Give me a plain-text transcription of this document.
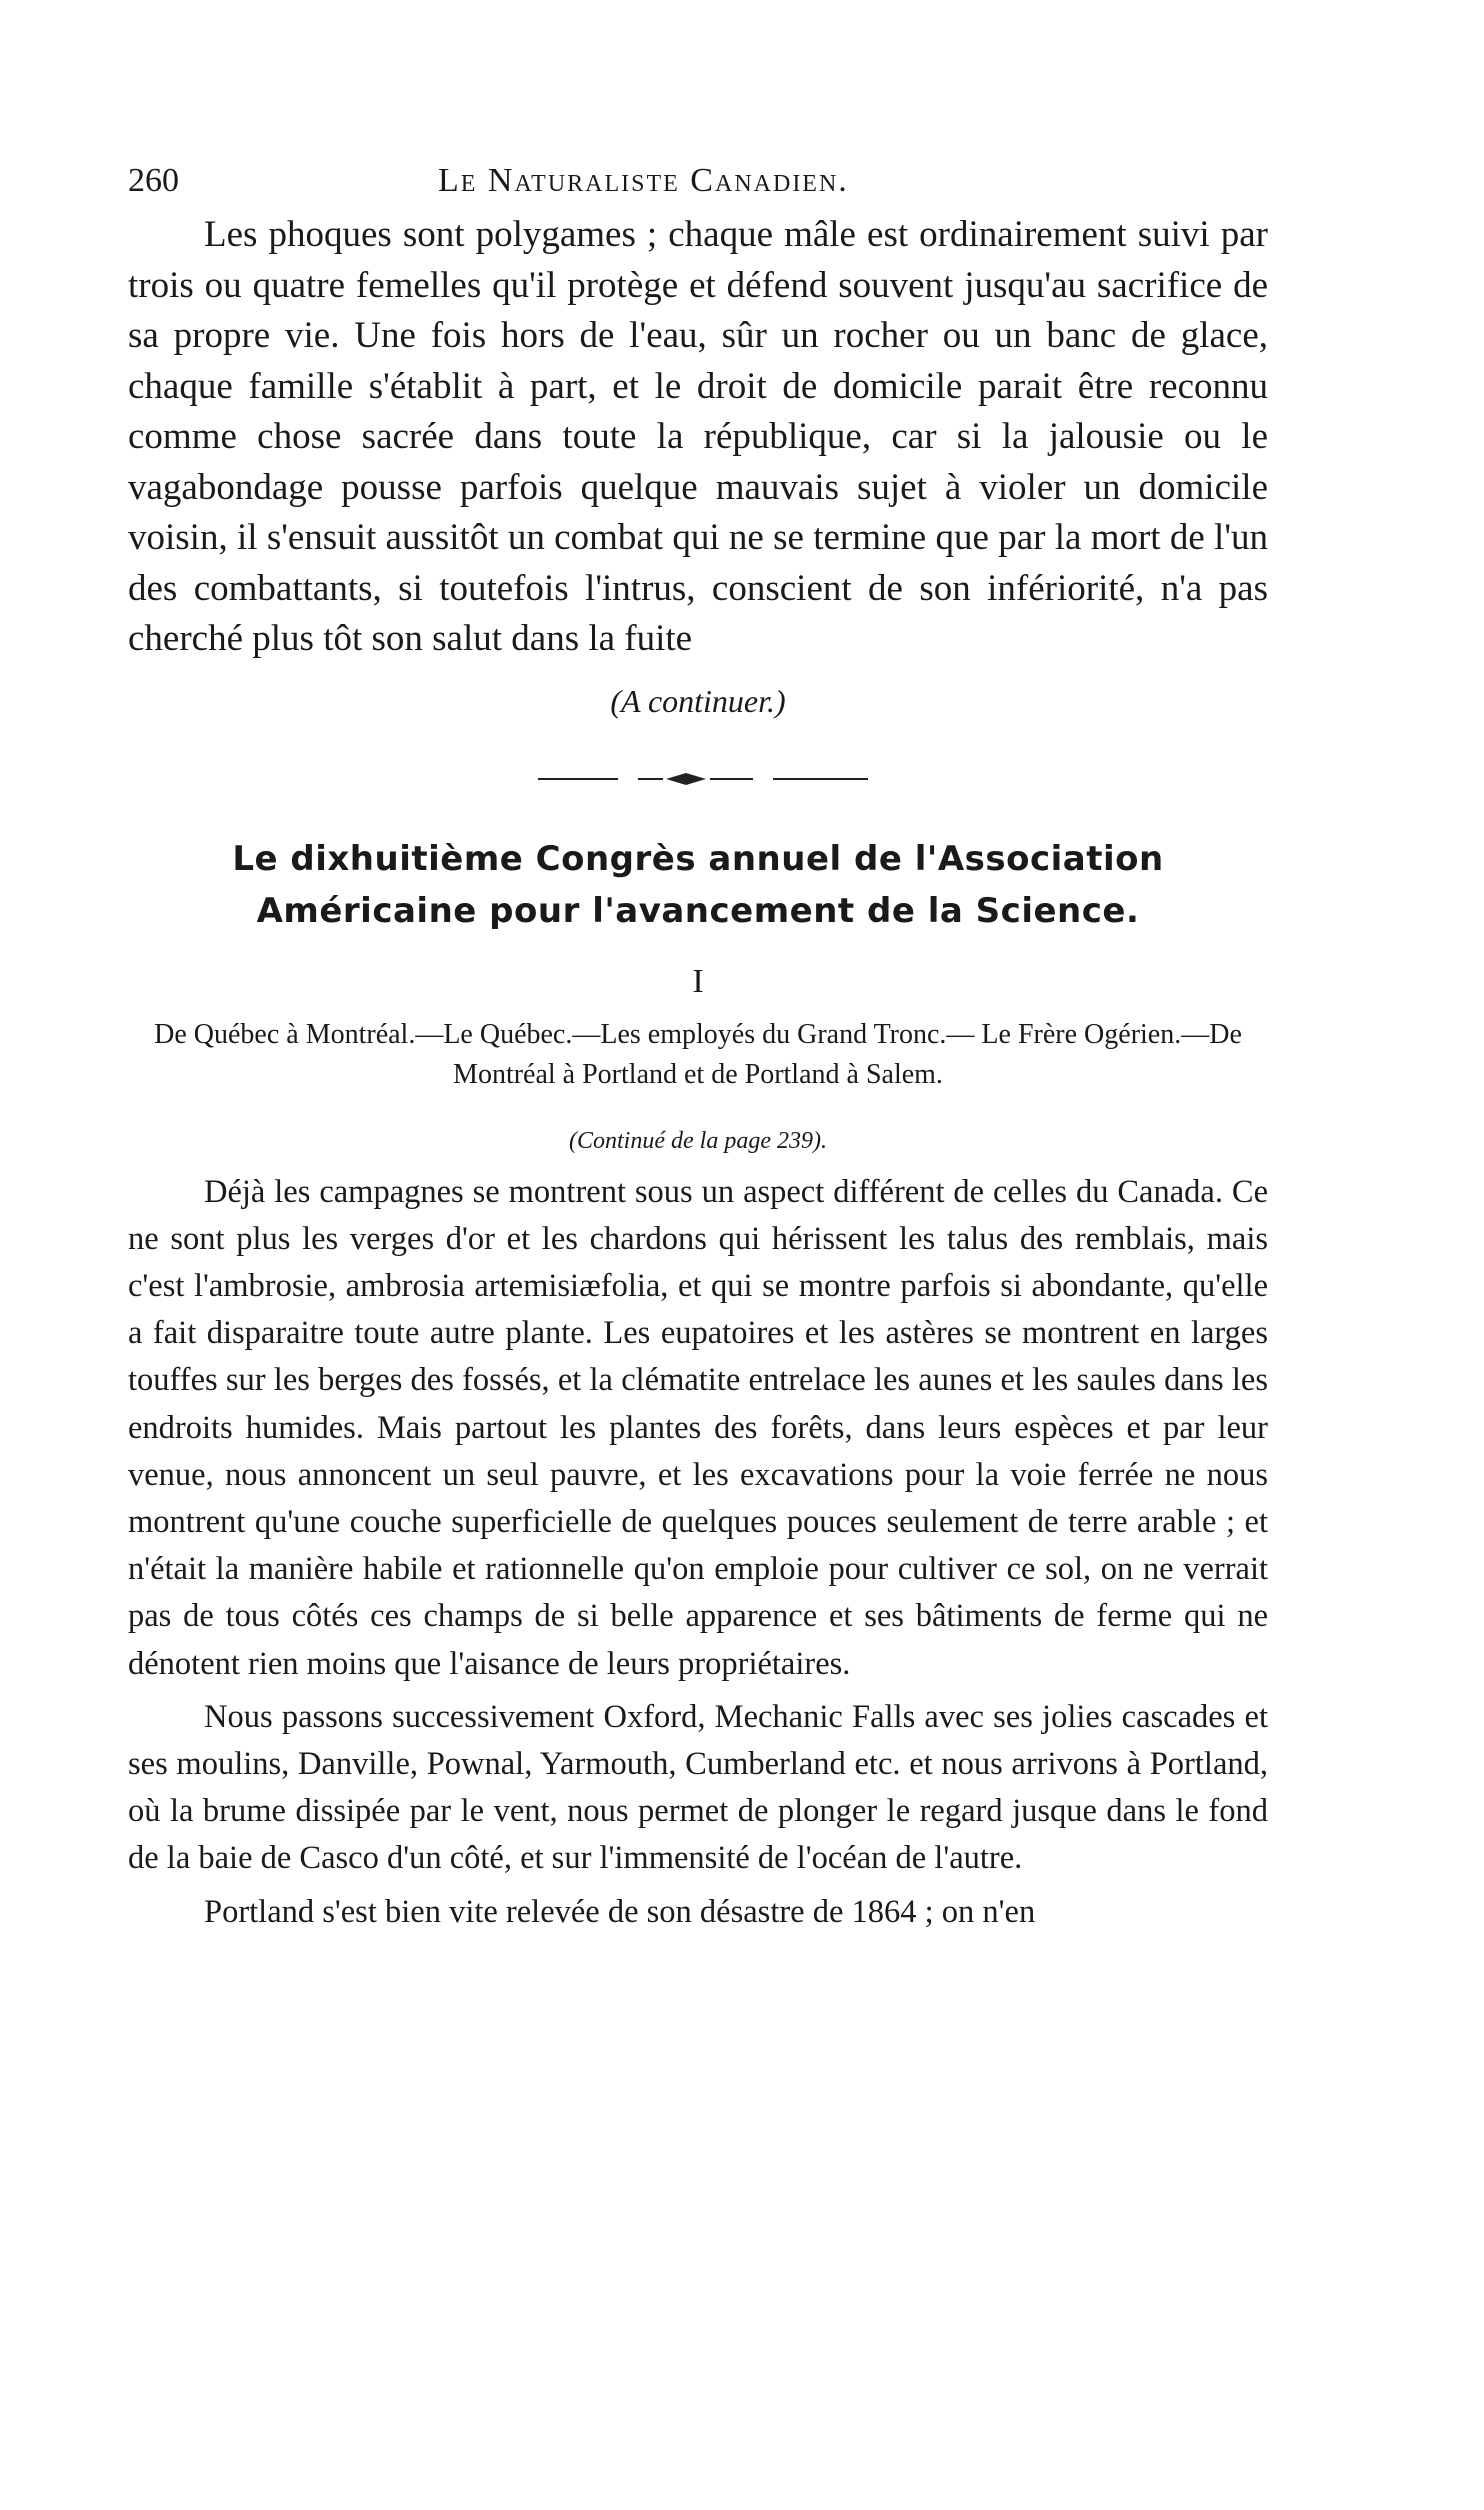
260	Le Naturaliste Canadien.

Les phoques sont polygames ; chaque mâle est ordinairement suivi par trois ou quatre femelles qu'il protège et défend souvent jusqu'au sacrifice de sa propre vie. Une fois hors de l'eau, sûr un rocher ou un banc de glace, chaque famille s'établit à part, et le droit de domicile parait être reconnu comme chose sacrée dans toute la république, car si la jalousie ou le vagabondage pousse parfois quelque mauvais sujet à violer un domicile voisin, il s'ensuit aussitôt un combat qui ne se termine que par la mort de l'un des combattants, si toutefois l'intrus, conscient de son infériorité, n'a pas cherché plus tôt son salut dans la fuite

(A continuer.)

Le dixhuitième Congrès annuel de l'Association Américaine pour l'avancement de la Science.

I

De Québec à Montréal.—Le Québec.—Les employés du Grand Tronc.— Le Frère Ogérien.—De Montréal à Portland et de Portland à Salem.

(Continué de la page 239).

Déjà les campagnes se montrent sous un aspect différent de celles du Canada. Ce ne sont plus les verges d'or et les chardons qui hérissent les talus des remblais, mais c'est l'ambrosie, ambrosia artemisiæfolia, et qui se montre parfois si abondante, qu'elle a fait disparaitre toute autre plante. Les eupatoires et les astères se montrent en larges touffes sur les berges des fossés, et la clématite entrelace les aunes et les saules dans les endroits humides. Mais partout les plantes des forêts, dans leurs espèces et par leur venue, nous annoncent un seul pauvre, et les excavations pour la voie ferrée ne nous montrent qu'une couche superficielle de quelques pouces seulement de terre arable ; et n'était la manière habile et rationnelle qu'on emploie pour cultiver ce sol, on ne verrait pas de tous côtés ces champs de si belle apparence et ses bâtiments de ferme qui ne dénotent rien moins que l'aisance de leurs propriétaires.

Nous passons successivement Oxford, Mechanic Falls avec ses jolies cascades et ses moulins, Danville, Pownal, Yarmouth, Cumberland etc. et nous arrivons à Portland, où la brume dissipée par le vent, nous permet de plonger le regard jusque dans le fond de la baie de Casco d'un côté, et sur l'immensité de l'océan de l'autre.

Portland s'est bien vite relevée de son désastre de 1864 ; on n'en
